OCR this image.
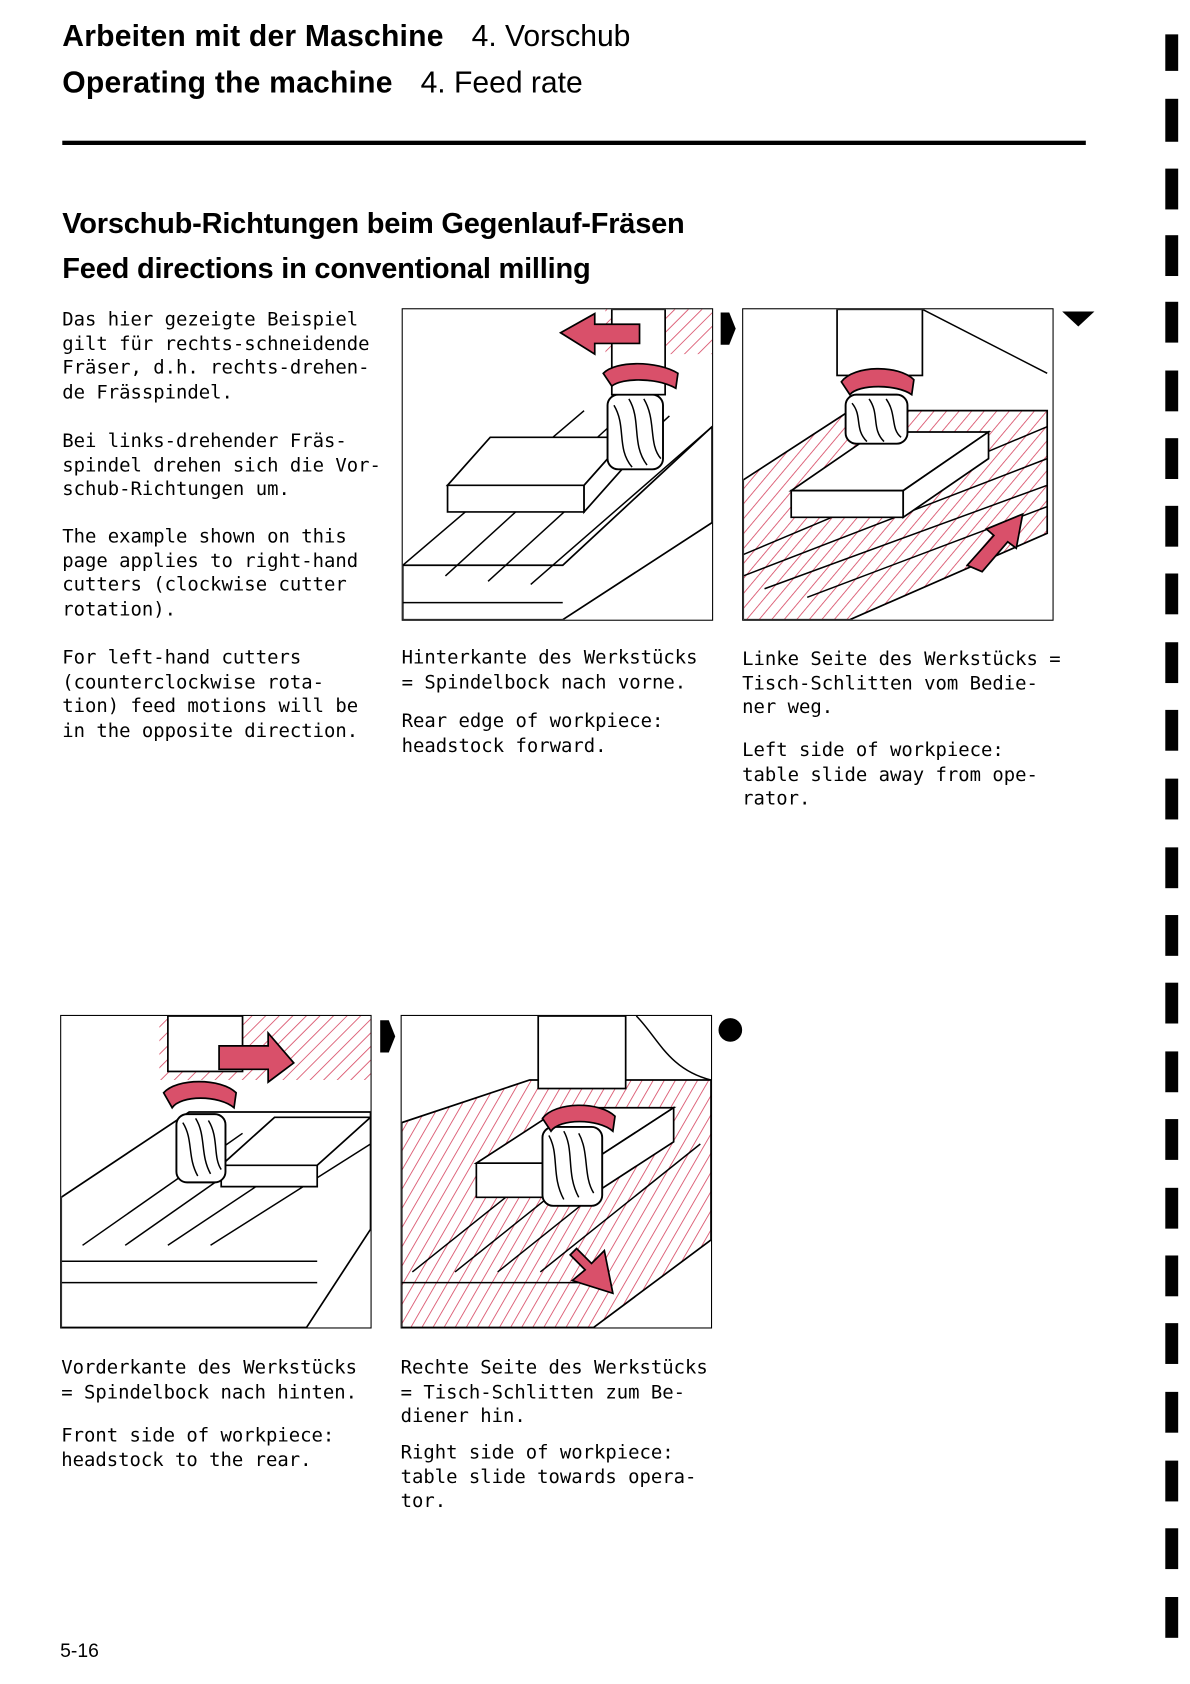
Arbeiten mit der Maschine 4. Vorschub
Operating the machine 4. Feed rate
Vorschub-Richtungen beim Gegenlauf-Fräsen
Feed directions in conventional milling

Das hier gezeigte Beispiel
gilt für rechts-schneidende
Fräser, d.h. rechts-drehen-
de Frässpindel.

Bei links-drehender Fräs-
spindel drehen sich die Vor-
schub-Richtungen um.

The example shown on this
page applies to right-hand
cutters (clockwise cutter
rotation).

For left-hand cutters
(counterclockwise rota-
tion) feed motions will be
in the opposite direction.

Hinterkante des Werkstücks
= Spindelbock nach vorne.

Rear edge of workpiece:
headstock forward.

Linke Seite des Werkstücks =
Tisch-Schlitten vom Bedie-
ner weg.

Left side of workpiece:
table slide away from ope-
rator.

Vorderkante des Werkstücks
= Spindelbock nach hinten.

Front side of workpiece:
headstock to the rear.

Rechte Seite des Werkstücks
= Tisch-Schlitten zum Be-
diener hin.

Right side of workpiece:
table slide towards opera-
tor.

5-16
